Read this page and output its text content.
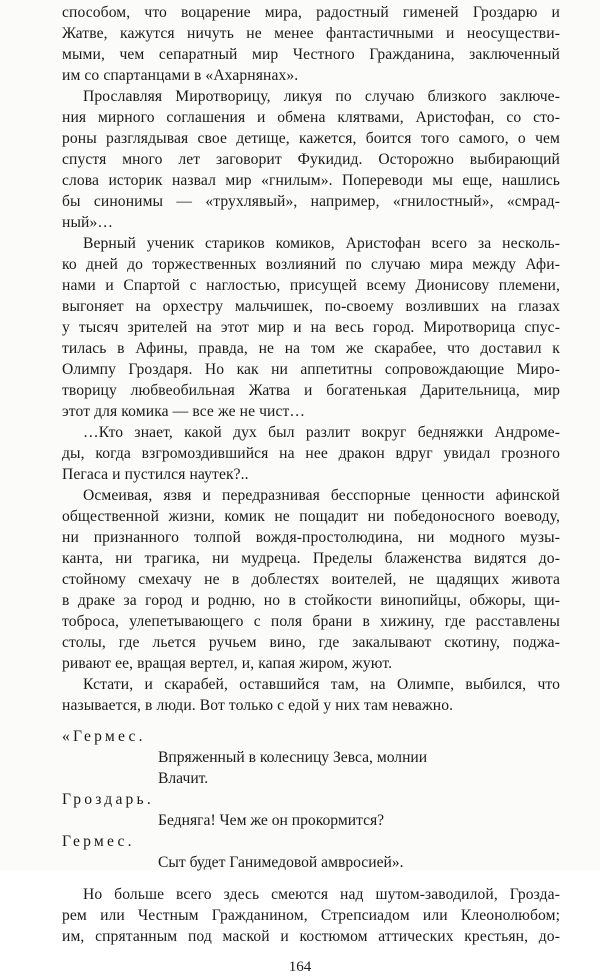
способом, что воцарение мира, радостный гименей Гроздарю и
Жатве, кажутся ничуть не менее фантастичными и неосуществи-
мыми, чем сепаратный мир Честного Гражданина, заключенный
им со спартанцами в «Ахарнянах».
Прославляя Миротворицу, ликуя по случаю близкого заключе-
ния мирного соглашения и обмена клятвами, Аристофан, со сто-
роны разглядывая свое детище, кажется, боится того самого, о чем
спустя много лет заговорит Фукидид. Осторожно выбирающий
слова историк назвал мир «гнилым». Попереводи мы еще, нашлись
бы синонимы — «трухлявый», например, «гнилостный», «смрад-
ный»…
Верный ученик стариков комиков, Аристофан всего за несколь-
ко дней до торжественных возлияний по случаю мира между Афи-
нами и Спартой с наглостью, присущей всему Дионисову племени,
выгоняет на орхестру мальчишек, по-своему возливших на глазах
у тысяч зрителей на этот мир и на весь город. Миротворица спус-
тилась в Афины, правда, не на том же скарабее, что доставил к
Олимпу Гроздаря. Но как ни аппетитны сопровождающие Миро-
творицу любвеобильная Жатва и богатенькая Дарительница, мир
этот для комика — все же не чист…
…Кто знает, какой дух был разлит вокруг бедняжки Андроме-
ды, когда взгромоздившийся на нее дракон вдруг увидал грозного
Пегаса и пустился наутек?..
Осмеивая, язвя и передразнивая бесспорные ценности афинской
общественной жизни, комик не пощадит ни победоносного воеводу,
ни признанного толпой вождя-простолюдина, ни модного музы-
канта, ни трагика, ни мудреца. Пределы блаженства видятся до-
стойному смехачу не в доблестях воителей, не щадящих живота
в драке за город и родню, но в стойкости винопийцы, обжоры, щи-
тоброса, улепетывающего с поля брани в хижину, где расставлены
столы, где льется ручьем вино, где закалывают скотину, поджа-
ривают ее, вращая вертел, и, капая жиром, жуют.
Кстати, и скарабей, оставшийся там, на Олимпе, выбился, что
называется, в люди. Вот только с едой у них там неважно.
«Гермес.
Впряженный в колесницу Зевса, молнии
Влачит.
Гроздарь.
Бедняга! Чем же он прокормится?
Гермес.
Сыт будет Ганимедовой амвросией».
Но больше всего здесь смеются над шутом-заводилой, Грозда-
рем или Честным Гражданином, Стрепсиадом или Клеонолюбом;
им, спрятанным под маской и костюмом аттических крестьян, до-
164
